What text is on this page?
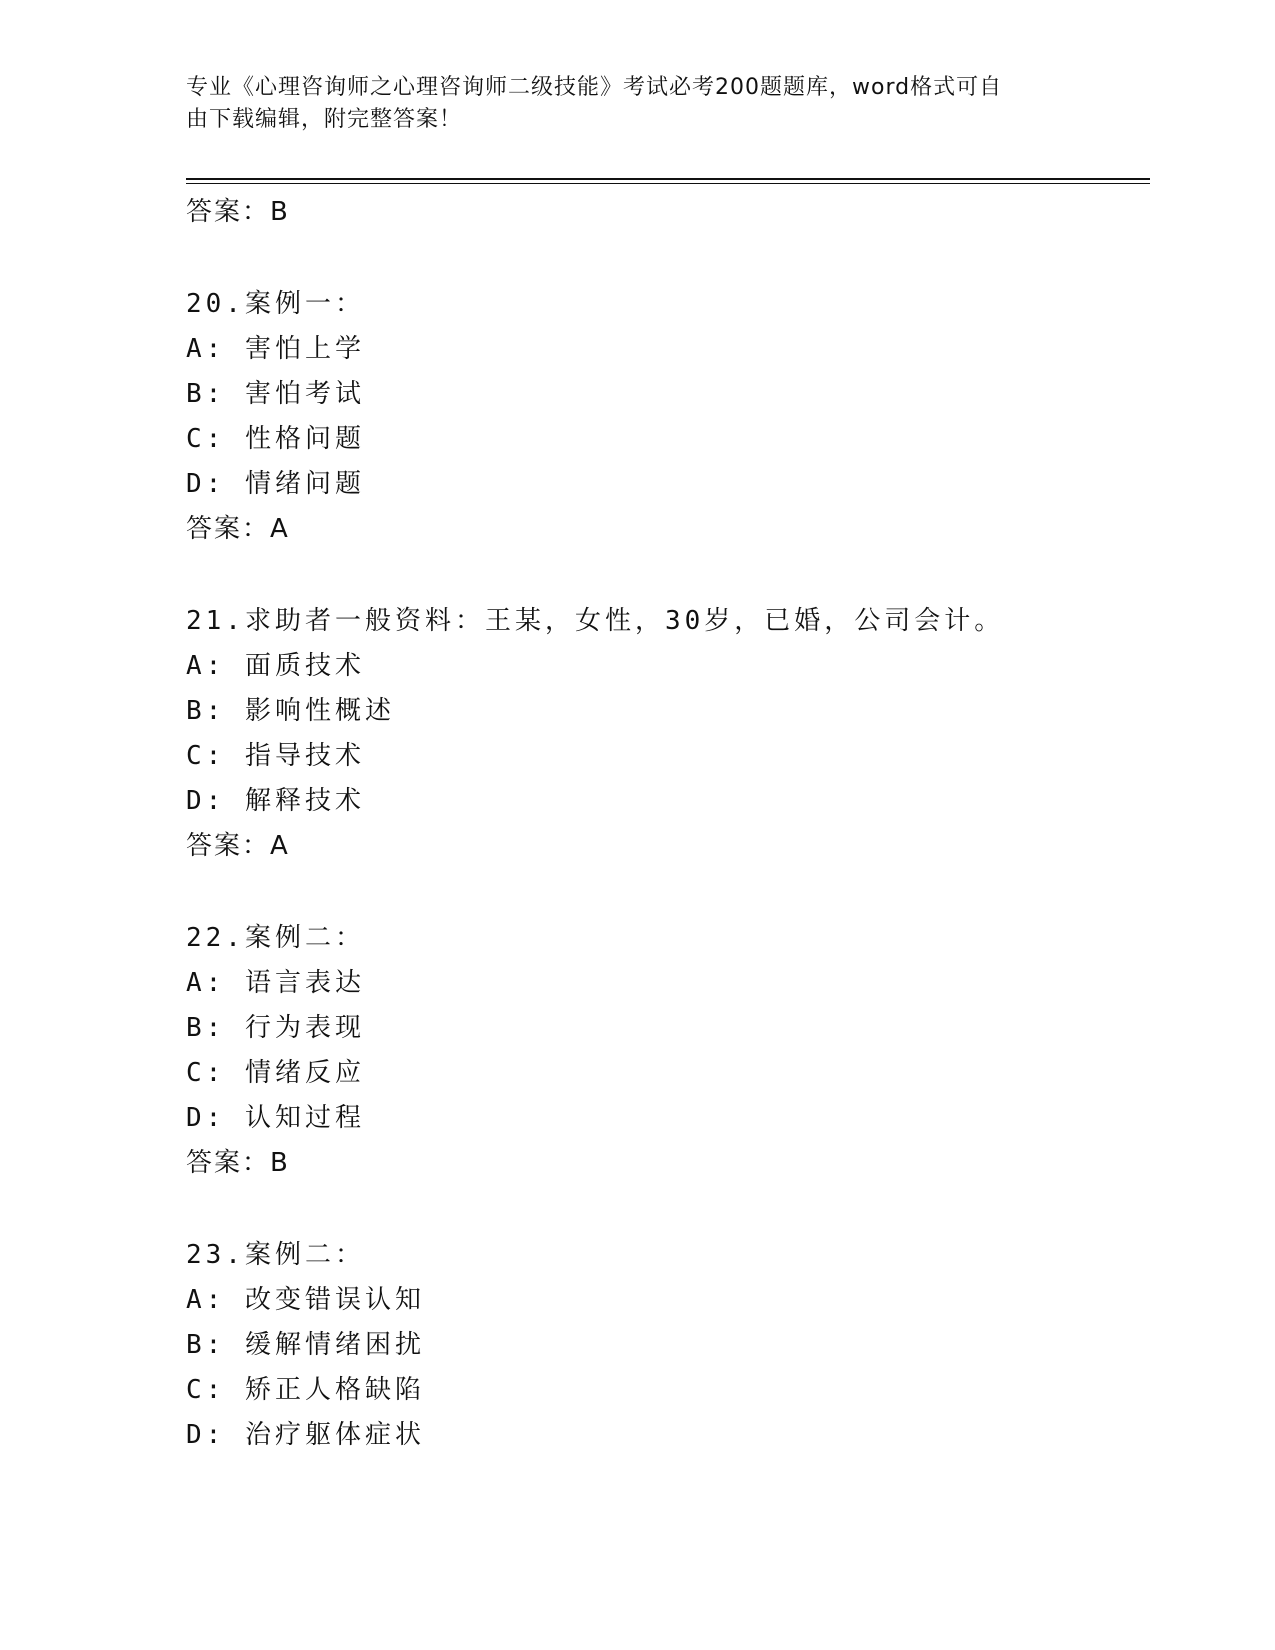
专业《心理咨询师之心理咨询师二级技能》考试必考200题题库，word格式可自
由下载编辑，附完整答案！
答案：B
20.案例一：
A: 害怕上学
B: 害怕考试
C: 性格问题
D: 情绪问题
答案：A
21.求助者一般资料：王某，女性，30岁，已婚，公司会计。
A: 面质技术
B: 影响性概述
C: 指导技术
D: 解释技术
答案：A
22.案例二：
A: 语言表达
B: 行为表现
C: 情绪反应
D: 认知过程
答案：B
23.案例二：
A: 改变错误认知
B: 缓解情绪困扰
C: 矫正人格缺陷
D: 治疗躯体症状
